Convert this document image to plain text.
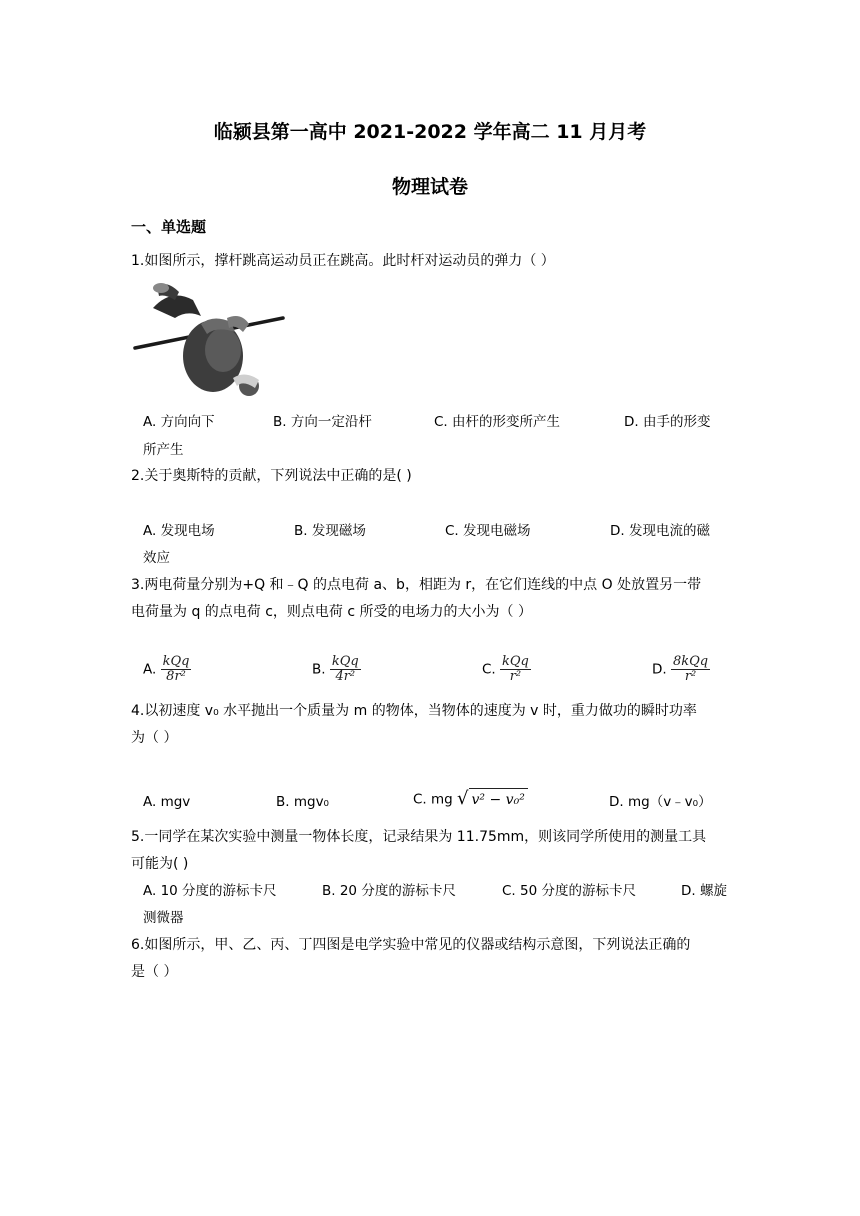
临颍县第一高中 2021-2022 学年高二 11 月月考
物理试卷
一、单选题
1.如图所示，撑杆跳高运动员正在跳高。此时杆对运动员的弹力（ ）
A. 方向向下	B. 方向一定沿杆	C. 由杆的形变所产生	D. 由手的形变
所产生
2.关于奥斯特的贡献，下列说法中正确的是( )
A. 发现电场	B. 发现磁场	C. 发现电磁场	D. 发现电流的磁
效应
3.两电荷量分别为+Q 和﹣Q 的点电荷 a、b，相距为 r，在它们连线的中点 O 处放置另一带
电荷量为 q 的点电荷 c，则点电荷 c 所受的电场力的大小为（ ）
A. $\frac{\text{kQq}}{\text{8r²}}$	B. $\frac{\text{kQq}}{\text{4r²}}$	C. $\frac{\text{kQq}}{\text{r²}}$	D. $\frac{\text{8kQq}}{\text{r²}}$
4.以初速度 v₀ 水平抛出一个质量为 m 的物体，当物体的速度为 v 时，重力做功的瞬时功率
为（ ）
A. mgv	B. mgv₀	C. mg √ v² − v₀²	D. mg（v﹣v₀）
5.一同学在某次实验中测量一物体长度，记录结果为 11.75mm，则该同学所使用的测量工具
可能为( )
A. 10 分度的游标卡尺	B. 20 分度的游标卡尺	C. 50 分度的游标卡尺	D. 螺旋
测微器
6.如图所示，甲、乙、丙、丁四图是电学实验中常见的仪器或结构示意图，下列说法正确的
是（ ）
